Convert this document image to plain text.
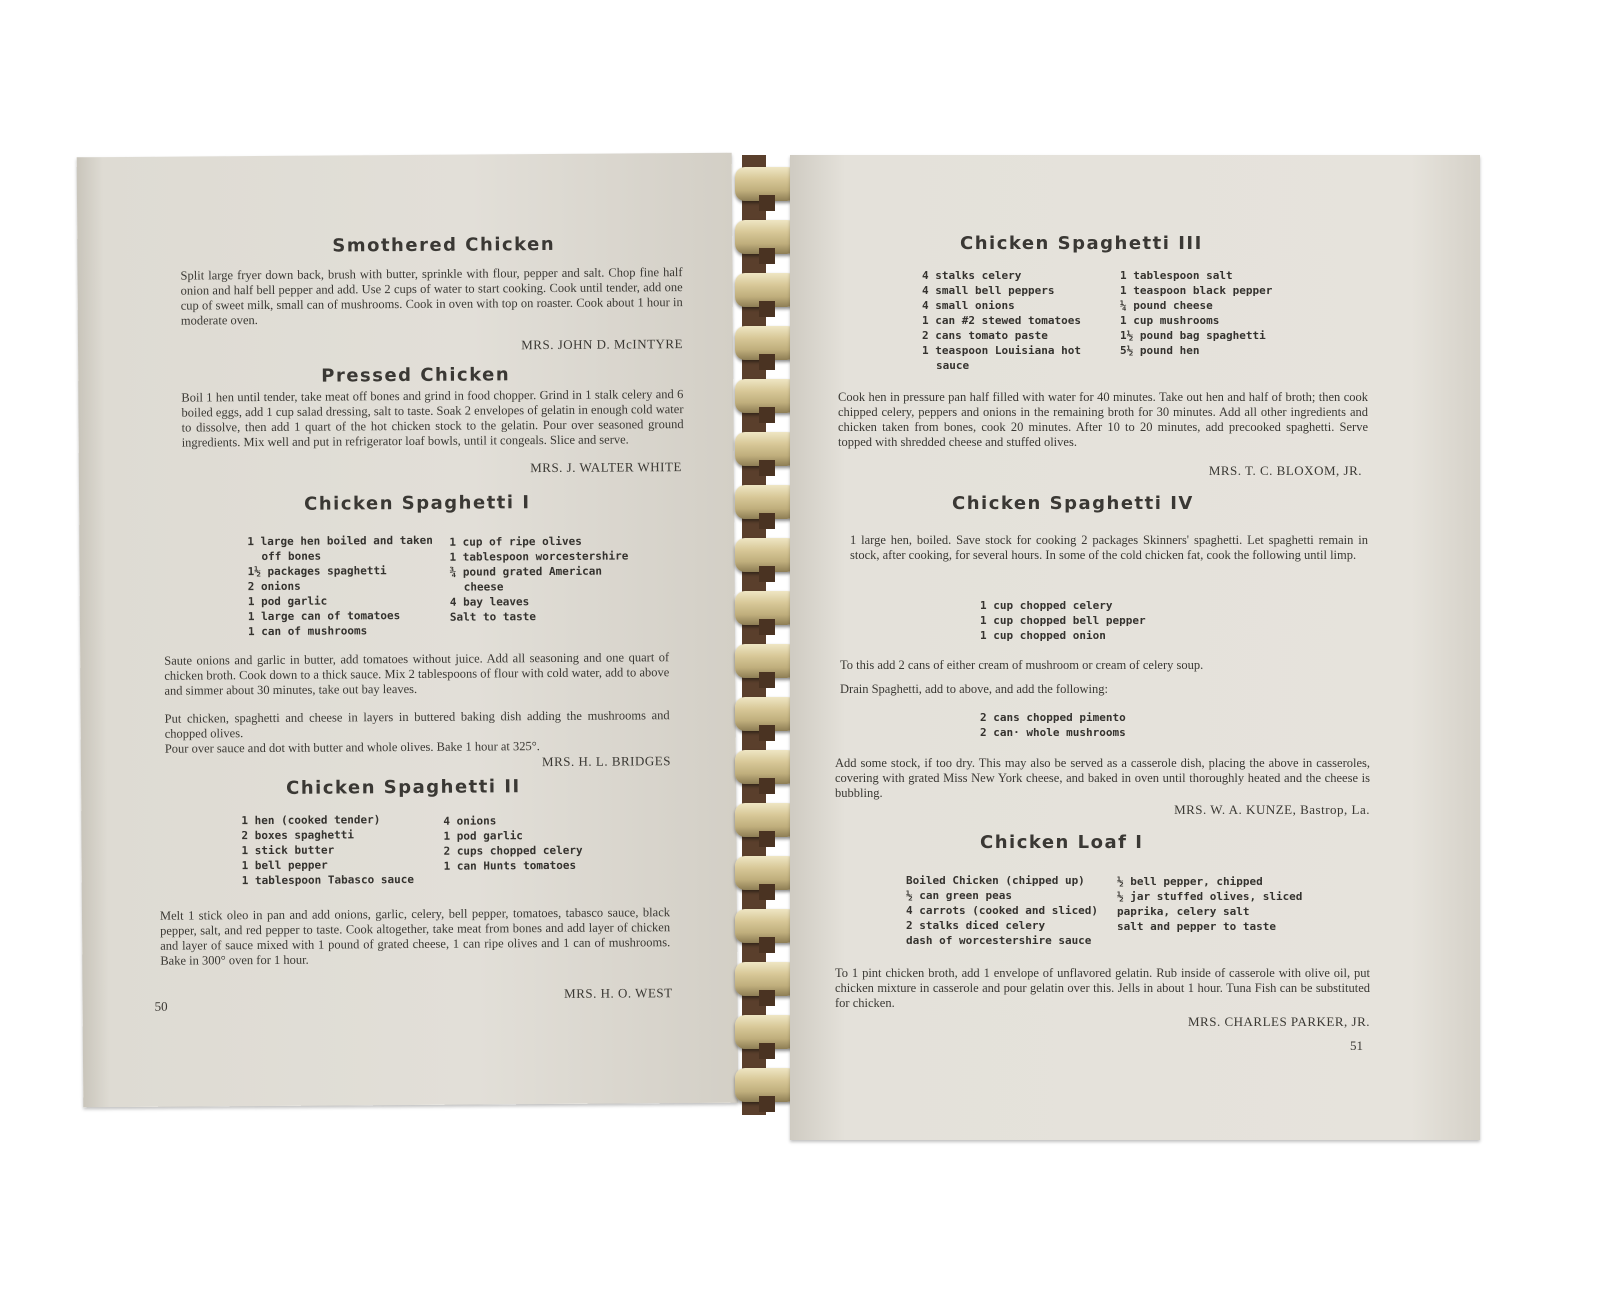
Smothered Chicken
Split large fryer down back, brush with butter, sprinkle with flour, pepper and salt. Chop fine half onion and half bell pepper and add. Use 2 cups of water to start cooking. Cook until tender, add one cup of sweet milk, small can of mushrooms. Cook in oven with top on roaster. Cook about 1 hour in moderate oven.
MRS. JOHN D. McINTYRE
Pressed Chicken
Boil 1 hen until tender, take meat off bones and grind in food chopper. Grind in 1 stalk celery and 6 boiled eggs, add 1 cup salad dressing, salt to taste. Soak 2 envelopes of gelatin in enough cold water to dissolve, then add 1 quart of the hot chicken stock to the gelatin. Pour over seasoned ground ingredients. Mix well and put in refrigerator loaf bowls, until it congeals. Slice and serve.
MRS. J. WALTER WHITE
Chicken Spaghetti I
1 large hen boiled and taken
off bones
1½ packages spaghetti
2 onions
1 pod garlic
1 large can of tomatoes
1 can of mushrooms
1 cup of ripe olives
1 tablespoon worcestershire
¾ pound grated American
cheese
4 bay leaves
Salt to taste
Saute onions and garlic in butter, add tomatoes without juice. Add all seasoning and one quart of chicken broth. Cook down to a thick sauce. Mix 2 tablespoons of flour with cold water, add to above and simmer about 30 minutes, take out bay leaves.
Put chicken, spaghetti and cheese in layers in buttered baking dish adding the mushrooms and chopped olives.
Pour over sauce and dot with butter and whole olives. Bake 1 hour at 325°.
MRS. H. L. BRIDGES
Chicken Spaghetti II
1 hen (cooked tender)
2 boxes spaghetti
1 stick butter
1 bell pepper
1 tablespoon Tabasco sauce
4 onions
1 pod garlic
2 cups chopped celery
1 can Hunts tomatoes
Melt 1 stick oleo in pan and add onions, garlic, celery, bell pepper, tomatoes, tabasco sauce, black pepper, salt, and red pepper to taste. Cook altogether, take meat from bones and add layer of chicken and layer of sauce mixed with 1 pound of grated cheese, 1 can ripe olives and 1 can of mushrooms. Bake in 300° oven for 1 hour.
MRS. H. O. WEST
50
Chicken Spaghetti III
4 stalks celery
4 small bell peppers
4 small onions
1 can #2 stewed tomatoes
2 cans tomato paste
1 teaspoon Louisiana hot
sauce
1 tablespoon salt
1 teaspoon black pepper
¼ pound cheese
1 cup mushrooms
1½ pound bag spaghetti
5½ pound hen
Cook hen in pressure pan half filled with water for 40 minutes. Take out hen and half of broth; then cook chipped celery, peppers and onions in the remaining broth for 30 minutes. Add all other ingredients and chicken taken from bones, cook 20 minutes. After 10 to 20 minutes, add precooked spaghetti. Serve topped with shredded cheese and stuffed olives.
MRS. T. C. BLOXOM, JR.
Chicken Spaghetti IV
1 large hen, boiled. Save stock for cooking 2 packages Skinners' spaghetti. Let spaghetti remain in stock, after cooking, for several hours. In some of the cold chicken fat, cook the following until limp.
1 cup chopped celery
1 cup chopped bell pepper
1 cup chopped onion
To this add 2 cans of either cream of mushroom or cream of celery soup.
Drain Spaghetti, add to above, and add the following:
2 cans chopped pimento
2 can· whole mushrooms
Add some stock, if too dry. This may also be served as a casserole dish, placing the above in casseroles, covering with grated Miss New York cheese, and baked in oven until thoroughly heated and the cheese is bubbling.
MRS. W. A. KUNZE, Bastrop, La.
Chicken Loaf I
Boiled Chicken (chipped up)
½ can green peas
4 carrots (cooked and sliced)
2 stalks diced celery
dash of worcestershire sauce
½ bell pepper, chipped
½ jar stuffed olives, sliced
paprika, celery salt
salt and pepper to taste
To 1 pint chicken broth, add 1 envelope of unflavored gelatin. Rub inside of casserole with olive oil, put chicken mixture in casserole and pour gelatin over this. Jells in about 1 hour. Tuna Fish can be substituted for chicken.
MRS. CHARLES PARKER, JR.
51
